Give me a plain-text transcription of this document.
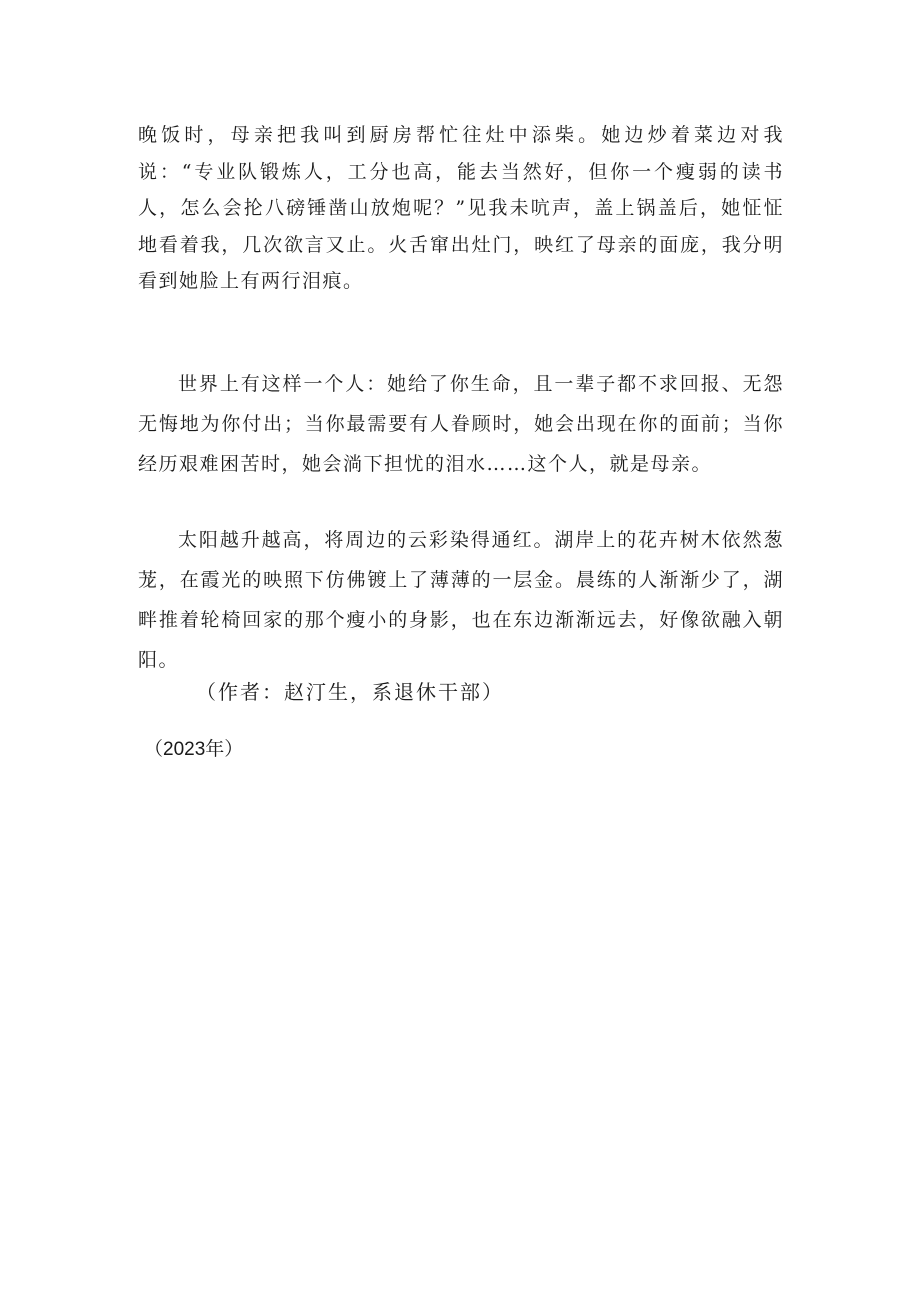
晚饭时，母亲把我叫到厨房帮忙往灶中添柴。她边炒着菜边对我说：“专业队锻炼人，工分也高，能去当然好，但你一个瘦弱的读书人，怎么会抡八磅锤凿山放炮呢？”见我未吭声，盖上锅盖后，她怔怔地看着我，几次欲言又止。火舌窜出灶门，映红了母亲的面庞，我分明看到她脸上有两行泪痕。

世界上有这样一个人：她给了你生命，且一辈子都不求回报、无怨无悔地为你付出；当你最需要有人眷顾时，她会出现在你的面前；当你经历艰难困苦时，她会淌下担忧的泪水……这个人，就是母亲。

太阳越升越高，将周边的云彩染得通红。湖岸上的花卉树木依然葱茏，在霞光的映照下仿佛镀上了薄薄的一层金。晨练的人渐渐少了，湖畔推着轮椅回家的那个瘦小的身影，也在东边渐渐远去，好像欲融入朝阳。

（作者：赵汀生，系退休干部）

（2023年）
